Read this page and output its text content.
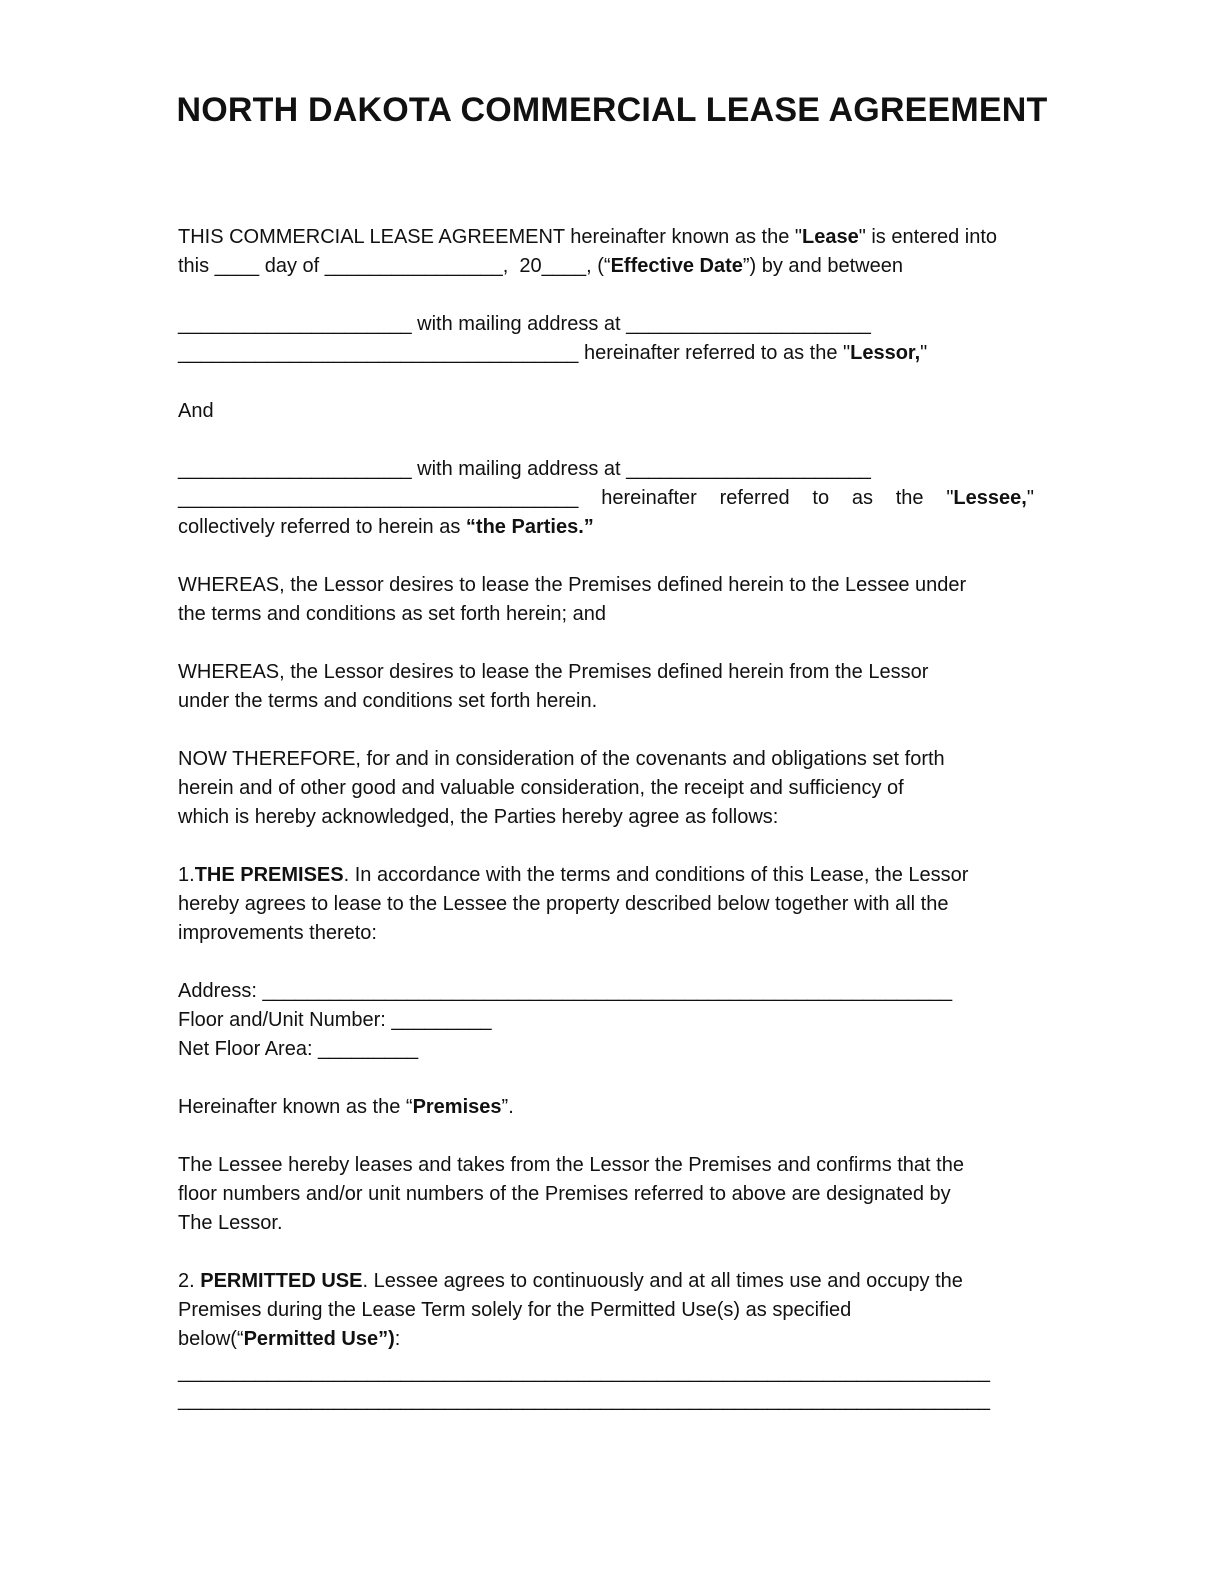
NORTH DAKOTA COMMERCIAL LEASE AGREEMENT
THIS COMMERCIAL LEASE AGREEMENT hereinafter known as the "Lease" is entered into
this ____ day of ________________,  20____, (“Effective Date”) by and between
_____________________ with mailing address at ______________________
____________________________________ hereinafter referred to as the "Lessor,"
And
_____________________ with mailing address at ______________________
____________________________________ hereinafter referred to as the "Lessee,"
collectively referred to herein as “the Parties.”
WHEREAS, the Lessor desires to lease the Premises defined herein to the Lessee under
the terms and conditions as set forth herein; and
WHEREAS, the Lessor desires to lease the Premises defined herein from the Lessor
under the terms and conditions set forth herein.
NOW THEREFORE, for and in consideration of the covenants and obligations set forth
herein and of other good and valuable consideration, the receipt and sufficiency of
which is hereby acknowledged, the Parties hereby agree as follows:
1.THE PREMISES. In accordance with the terms and conditions of this Lease, the Lessor
hereby agrees to lease to the Lessee the property described below together with all the
improvements thereto:
Address: ______________________________________________________________
Floor and/Unit Number: _________
Net Floor Area: _________
Hereinafter known as the “Premises”.
The Lessee hereby leases and takes from the Lessor the Premises and confirms that the
floor numbers and/or unit numbers of the Premises referred to above are designated by
The Lessor.
2. PERMITTED USE. Lessee agrees to continuously and at all times use and occupy the
Premises during the Lease Term solely for the Permitted Use(s) as specified
below(“Permitted Use”):
_________________________________________________________________________
_________________________________________________________________________
